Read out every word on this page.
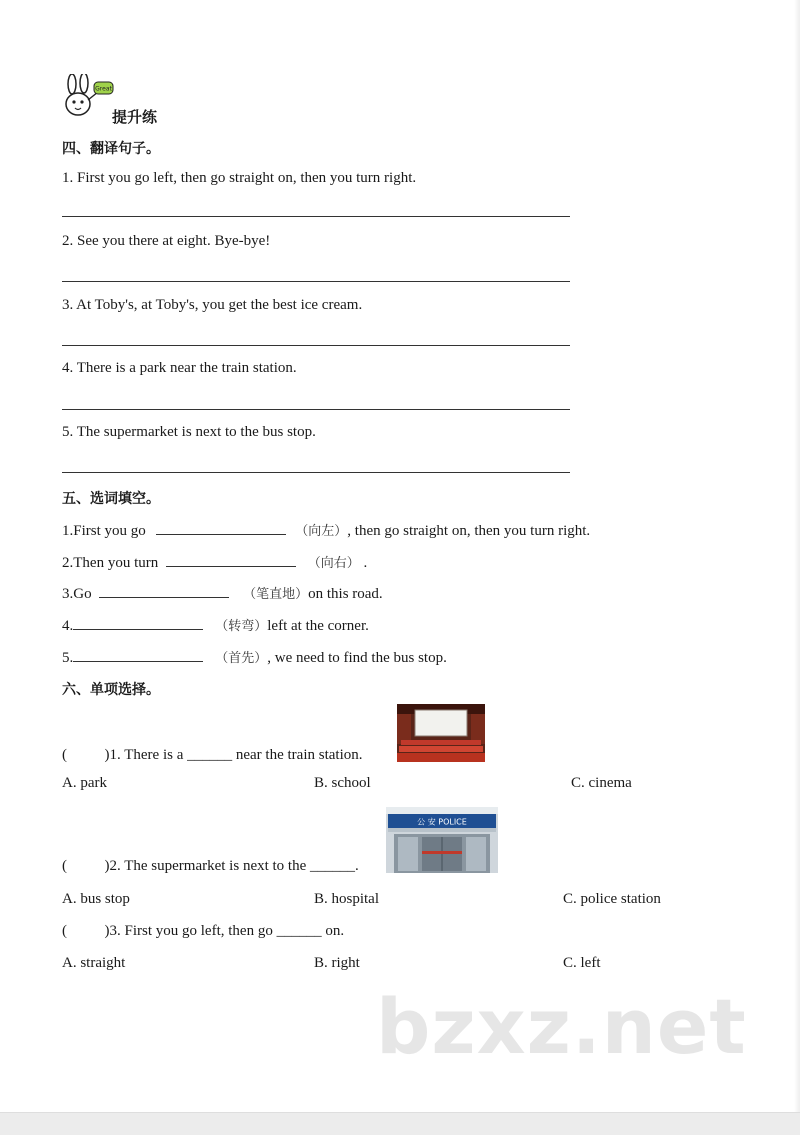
Great
提升练
四、翻译句子。
1. First you go left, then go straight on, then you turn right.
2. See you there at eight. Bye-bye!
3. At Toby's, at Toby's, you get the best ice cream.
4. There is a park near the train station.
5. The supermarket is next to the bus stop.
五、选词填空。
1.First you go	（向左）, then go straight on, then you turn right.
2.Then you turn	（向右） .
3.Go	（笔直地）on this road.
4.	（转弯）left at the corner.
5.	（首先）, we need to find the bus stop.
六、单项选择。
(          )1. There is a ______ near the train station.
A. park	B. school	C. cinema
公 安 POLICE
(          )2. The supermarket is next to the ______.
A. bus stop	B. hospital	C. police station
(          )3. First you go left, then go ______ on.
A. straight	B. right	C. left
bzxz.net
